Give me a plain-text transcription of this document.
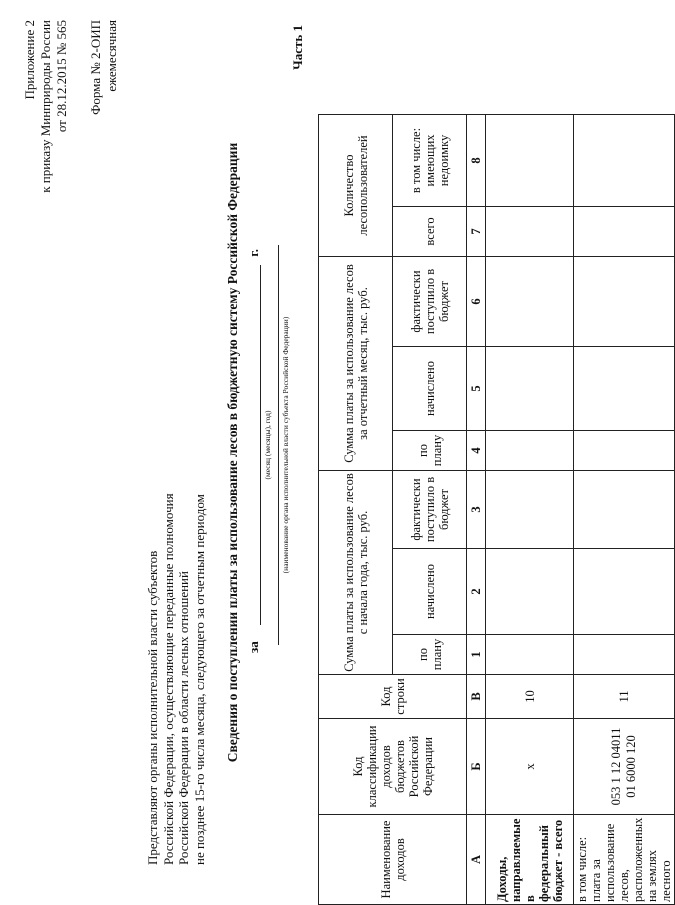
Приложение 2 к приказу Минприроды России от 28.12.2015 № 565 Форма № 2-ОИП ежемесячная
Представляют органы исполнительной власти субъектов Российской Федерации, осуществляющие переданные полномочия Российской Федерации в области лесных отношений не позднее 15-го числа месяца, следующего за отчетным периодом Сведения о поступлении платы за использование лесов в бюджетную систему Российской Федерации за
г.
(месяц (месяцы), год) (наименование органа исполнительной власти субъекта Российской Федерации)
Часть 1
Наименование доходов	Код классификации доходов бюджетов Российской Федерации	Код строки	Сумма платы за использование лесов с начала года, тыс. руб.			Сумма платы за использование лесов за отчетный месяц, тыс. руб.			Количество лесопользователей	
			по плану	начислено	фактически поступило в бюджет	по плану	начислено	фактически поступило в бюджет	всего	в том числе: имеющих недоимку
А	Б	В	1	2	3	4	5	6	7	8
Доходы, направляемые в федеральный бюджет - всего	х	10								
в том числе: плата за использование лесов, расположенных на землях лесного	053 1 12 04011 01 6000 120	11								
